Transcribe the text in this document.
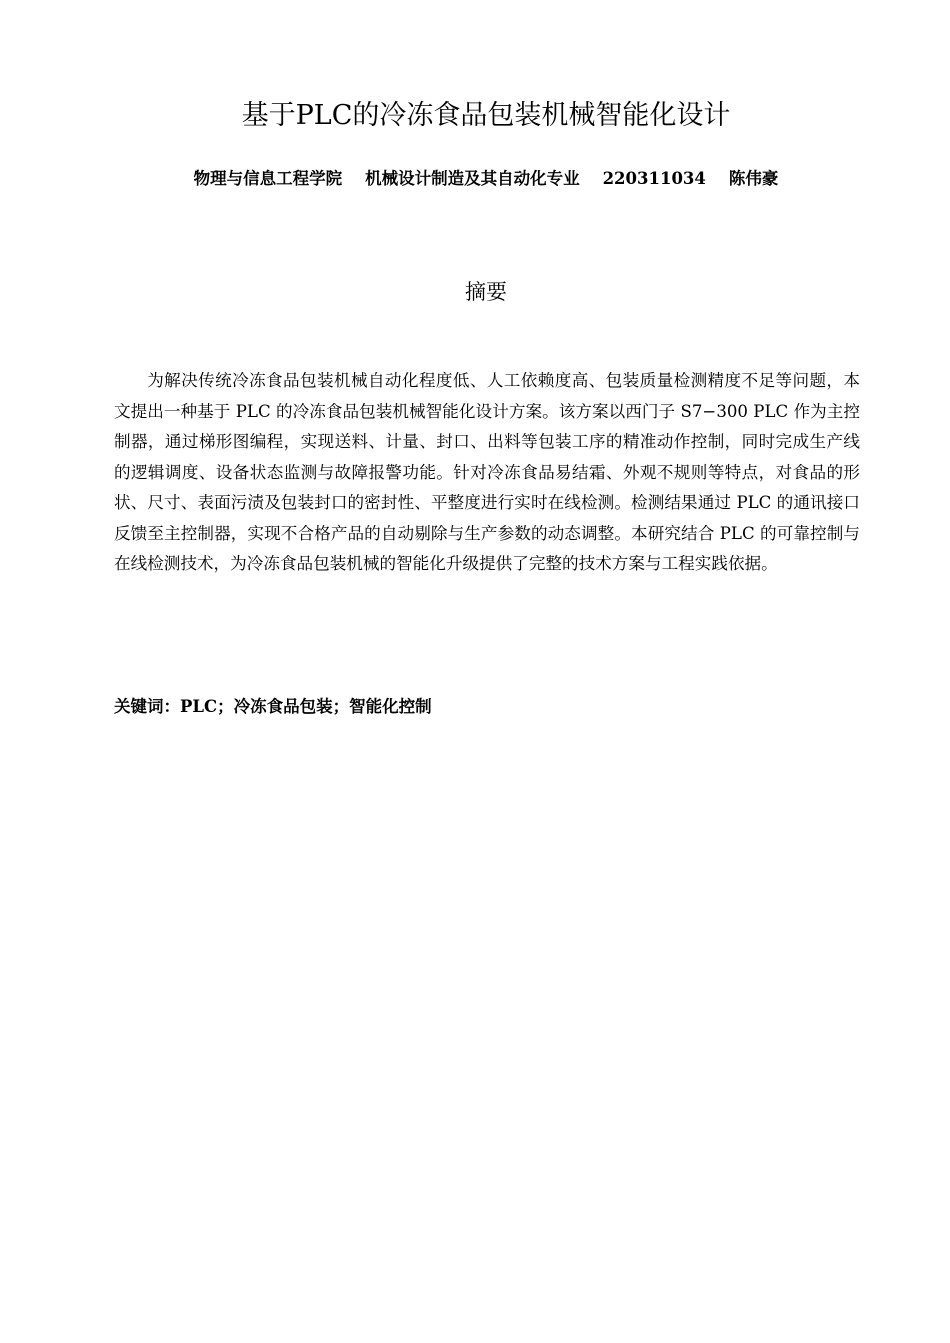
基于PLC的冷冻食品包装机械智能化设计
物理与信息工程学院    机械设计制造及其自动化专业    220311034    陈伟豪
摘要

为解决传统冷冻食品包装机械自动化程度低、人工依赖度高、包装质量检测精度不足等问题，本文提出一种基于 PLC 的冷冻食品包装机械智能化设计方案。该方案以西门子 S7−300 PLC 作为主控制器，通过梯形图编程，实现送料、计量、封口、出料等包装工序的精准动作控制，同时完成生产线的逻辑调度、设备状态监测与故障报警功能。针对冷冻食品易结霜、外观不规则等特点，对食品的形状、尺寸、表面污渍及包装封口的密封性、平整度进行实时在线检测。检测结果通过 PLC 的通讯接口反馈至主控制器，实现不合格产品的自动剔除与生产参数的动态调整。本研究结合 PLC 的可靠控制与在线检测技术，为冷冻食品包装机械的智能化升级提供了完整的技术方案与工程实践依据。

关键词：PLC；冷冻食品包装；智能化控制
